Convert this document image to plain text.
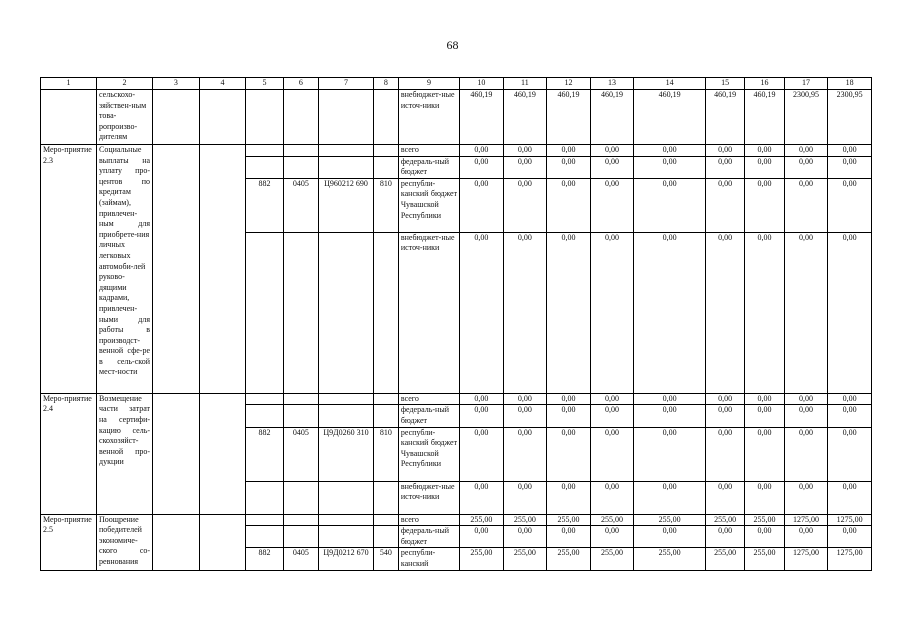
68
1	2	3	4	5	6	7	8	9	10	11	12	13	14	15	16	17	18
	сельскохо-зяйствен-ным това-ропроизво-дителям							внебюджет-ные источ-ники	460,19	460,19	460,19	460,19	460,19	460,19	460,19	2300,95	2300,95
Меро-приятие 2.3	Социальные выплаты на уплату про-центов по кредитам (займам), привлечен-ным для приобрете-ния личных легковых автомоби-лей руково-дящими кадрами, привлечен-ными для работы в производст-венной сфе-ре в сель-ской мест-ности							всего	0,00	0,00	0,00	0,00	0,00	0,00	0,00	0,00	0,00
								федераль-ный бюджет	0,00	0,00	0,00	0,00	0,00	0,00	0,00	0,00	0,00
				882	0405	Ц960212 690	810	республи-канский бюджет Чувашской Республики	0,00	0,00	0,00	0,00	0,00	0,00	0,00	0,00	0,00
								внебюджет-ные источ-ники	0,00	0,00	0,00	0,00	0,00	0,00	0,00	0,00	0,00
Меро-приятие 2.4	Возмещение части затрат на сертифи-кацию сель-скохозяйст-венной про-дукции							всего	0,00	0,00	0,00	0,00	0,00	0,00	0,00	0,00	0,00
								федераль-ный бюджет	0,00	0,00	0,00	0,00	0,00	0,00	0,00	0,00	0,00
				882	0405	Ц9Д0260 310	810	республи-канский бюджет Чувашской Республики	0,00	0,00	0,00	0,00	0,00	0,00	0,00	0,00	0,00
								внебюджет-ные источ-ники	0,00	0,00	0,00	0,00	0,00	0,00	0,00	0,00	0,00
Меро-приятие 2.5	Поощрение победителей экономиче-ского со-ревнования							всего	255,00	255,00	255,00	255,00	255,00	255,00	255,00	1275,00	1275,00
								федераль-ный бюджет	0,00	0,00	0,00	0,00	0,00	0,00	0,00	0,00	0,00
				882	0405	Ц9Д0212 670	540	республи-канский	255,00	255,00	255,00	255,00	255,00	255,00	255,00	1275,00	1275,00
